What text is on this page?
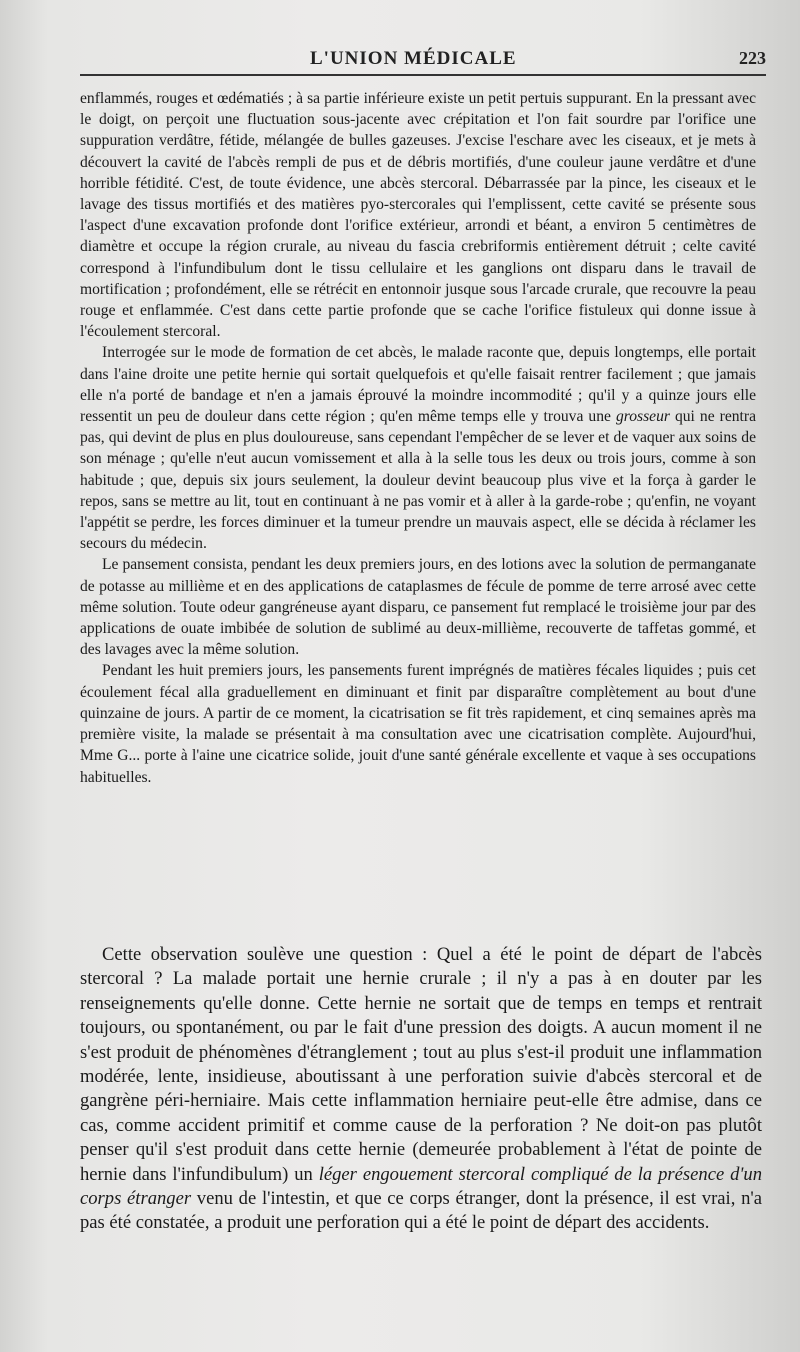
L'UNION MÉDICALE	223

enflammés, rouges et œdématiés ; à sa partie inférieure existe un petit pertuis suppurant. En la pressant avec le doigt, on perçoit une fluctuation sous-jacente avec crépitation et l'on fait sourdre par l'orifice une suppuration verdâtre, fétide, mélangée de bulles gazeuses. J'excise l'eschare avec les ciseaux, et je mets à découvert la cavité de l'abcès rempli de pus et de débris mortifiés, d'une couleur jaune verdâtre et d'une horrible fétidité. C'est, de toute évidence, une abcès stercoral. Débarrassée par la pince, les ciseaux et le lavage des tissus mortifiés et des matières pyo-stercorales qui l'emplissent, cette cavité se présente sous l'aspect d'une excavation profonde dont l'orifice extérieur, arrondi et béant, a environ 5 centimètres de diamètre et occupe la région crurale, au niveau du fascia crebriformis entièrement détruit ; celte cavité correspond à l'infundibulum dont le tissu cellulaire et les ganglions ont disparu dans le travail de mortification ; profondément, elle se rétrécit en entonnoir jusque sous l'arcade crurale, que recouvre la peau rouge et enflammée. C'est dans cette partie profonde que se cache l'orifice fistuleux qui donne issue à l'écoulement stercoral.

Interrogée sur le mode de formation de cet abcès, le malade raconte que, depuis longtemps, elle portait dans l'aine droite une petite hernie qui sortait quelquefois et qu'elle faisait rentrer facilement ; que jamais elle n'a porté de bandage et n'en a jamais éprouvé la moindre incommodité ; qu'il y a quinze jours elle ressentit un peu de douleur dans cette région ; qu'en même temps elle y trouva une grosseur qui ne rentra pas, qui devint de plus en plus douloureuse, sans cependant l'empêcher de se lever et de vaquer aux soins de son ménage ; qu'elle n'eut aucun vomissement et alla à la selle tous les deux ou trois jours, comme à son habitude ; que, depuis six jours seulement, la douleur devint beaucoup plus vive et la força à garder le repos, sans se mettre au lit, tout en continuant à ne pas vomir et à aller à la garde-robe ; qu'enfin, ne voyant l'appétit se perdre, les forces diminuer et la tumeur prendre un mauvais aspect, elle se décida à réclamer les secours du médecin.

Le pansement consista, pendant les deux premiers jours, en des lotions avec la solution de permanganate de potasse au millième et en des applications de cataplasmes de fécule de pomme de terre arrosé avec cette même solution. Toute odeur gangréneuse ayant disparu, ce pansement fut remplacé le troisième jour par des applications de ouate imbibée de solution de sublimé au deux-millième, recouverte de taffetas gommé, et des lavages avec la même solution.

Pendant les huit premiers jours, les pansements furent imprégnés de matières fécales liquides ; puis cet écoulement fécal alla graduellement en diminuant et finit par disparaître complètement au bout d'une quinzaine de jours. A partir de ce moment, la cicatrisation se fit très rapidement, et cinq semaines après ma première visite, la malade se présentait à ma consultation avec une cicatrisation complète. Aujourd'hui, Mme G... porte à l'aine une cicatrice solide, jouit d'une santé générale excellente et vaque à ses occupations habituelles.

Cette observation soulève une question : Quel a été le point de départ de l'abcès stercoral ? La malade portait une hernie crurale ; il n'y a pas à en douter par les renseignements qu'elle donne. Cette hernie ne sortait que de temps en temps et rentrait toujours, ou spontanément, ou par le fait d'une pression des doigts. A aucun moment il ne s'est produit de phénomènes d'étranglement ; tout au plus s'est-il produit une inflammation modérée, lente, insidieuse, aboutissant à une perforation suivie d'abcès stercoral et de gangrène péri-herniaire. Mais cette inflammation herniaire peut-elle être admise, dans ce cas, comme accident primitif et comme cause de la perforation ? Ne doit-on pas plutôt penser qu'il s'est produit dans cette hernie (demeurée probablement à l'état de pointe de hernie dans l'infundibulum) un léger engouement stercoral compliqué de la présence d'un corps étranger venu de l'intestin, et que ce corps étranger, dont la présence, il est vrai, n'a pas été constatée, a produit une perforation qui a été le point de départ des accidents.
